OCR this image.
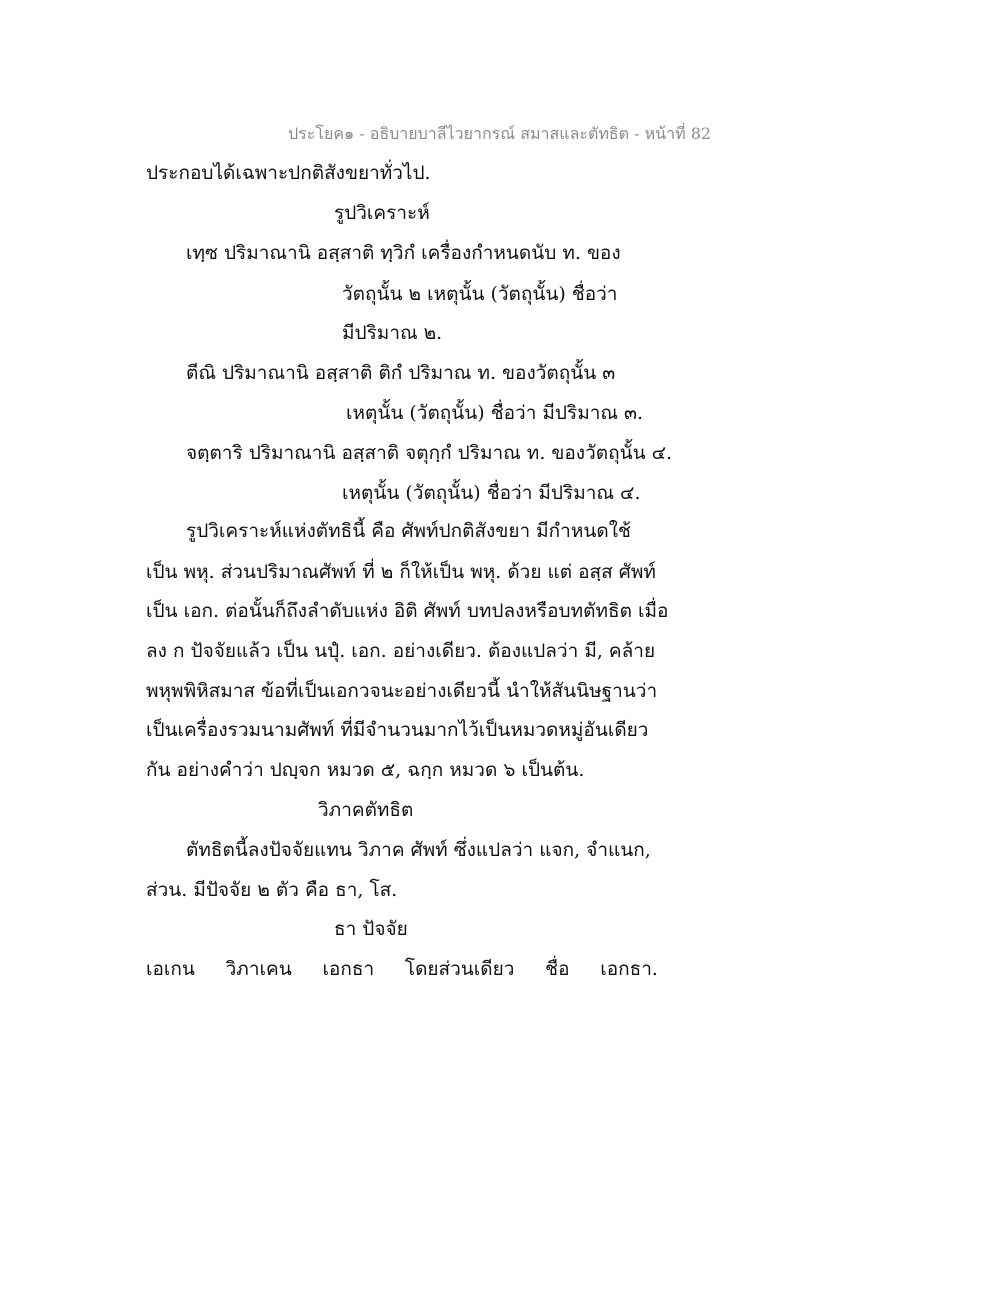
ประโยค๑ - อธิบายบาลีไวยากรณ์ สมาสและตัทธิต - หน้าที่ 82
ประกอบได้เฉพาะปกติสังขยาทั่วไป.
รูปวิเคราะห์
เทฺซ ปริมาณานิ อสฺสาติ ทฺวิกํ เครื่องกำหนดนับ ท. ของ
วัตถุนั้น ๒ เหตุนั้น (วัตถุนั้น) ชื่อว่า
มีปริมาณ ๒.
ตีณิ ปริมาณานิ อสฺสาติ ติกํ ปริมาณ ท. ของวัตถุนั้น ๓
เหตุนั้น (วัตถุนั้น) ชื่อว่า มีปริมาณ ๓.
จตฺตาริ ปริมาณานิ อสฺสาติ จตุกฺกํ ปริมาณ ท. ของวัตถุนั้น ๔.
เหตุนั้น (วัตถุนั้น) ชื่อว่า มีปริมาณ ๔.
รูปวิเคราะห์แห่งตัทธินี้ คือ ศัพท์ปกติสังขยา มีกำหนดใช้
เป็น พหุ. ส่วนปริมาณศัพท์ ที่ ๒ ก็ให้เป็น พหุ. ด้วย แต่ อสฺส ศัพท์
เป็น เอก. ต่อนั้นก็ถึงลำดับแห่ง อิติ ศัพท์ บทปลงหรือบทตัทธิต เมื่อ
ลง ก ปัจจัยแล้ว เป็น นปุํ. เอก. อย่างเดียว. ต้องแปลว่า มี, คล้าย
พหุพพิหิสมาส ข้อที่เป็นเอกวจนะอย่างเดียวนี้ นำให้สันนิษฐานว่า
เป็นเครื่องรวมนามศัพท์ ที่มีจำนวนมากไว้เป็นหมวดหมู่อันเดียว
กัน อย่างคำว่า ปญฺจก หมวด ๕, ฉกฺก หมวด ๖ เป็นต้น.
วิภาคตัทธิต
ตัทธิตนี้ลงปัจจัยแทน วิภาค ศัพท์ ซึ่งแปลว่า แจก, จำแนก,
ส่วน. มีปัจจัย ๒ ตัว คือ ธา, โส.
ธา ปัจจัย
เอเกน วิภาเคน เอกธา โดยส่วนเดียว ชื่อ เอกธา.
